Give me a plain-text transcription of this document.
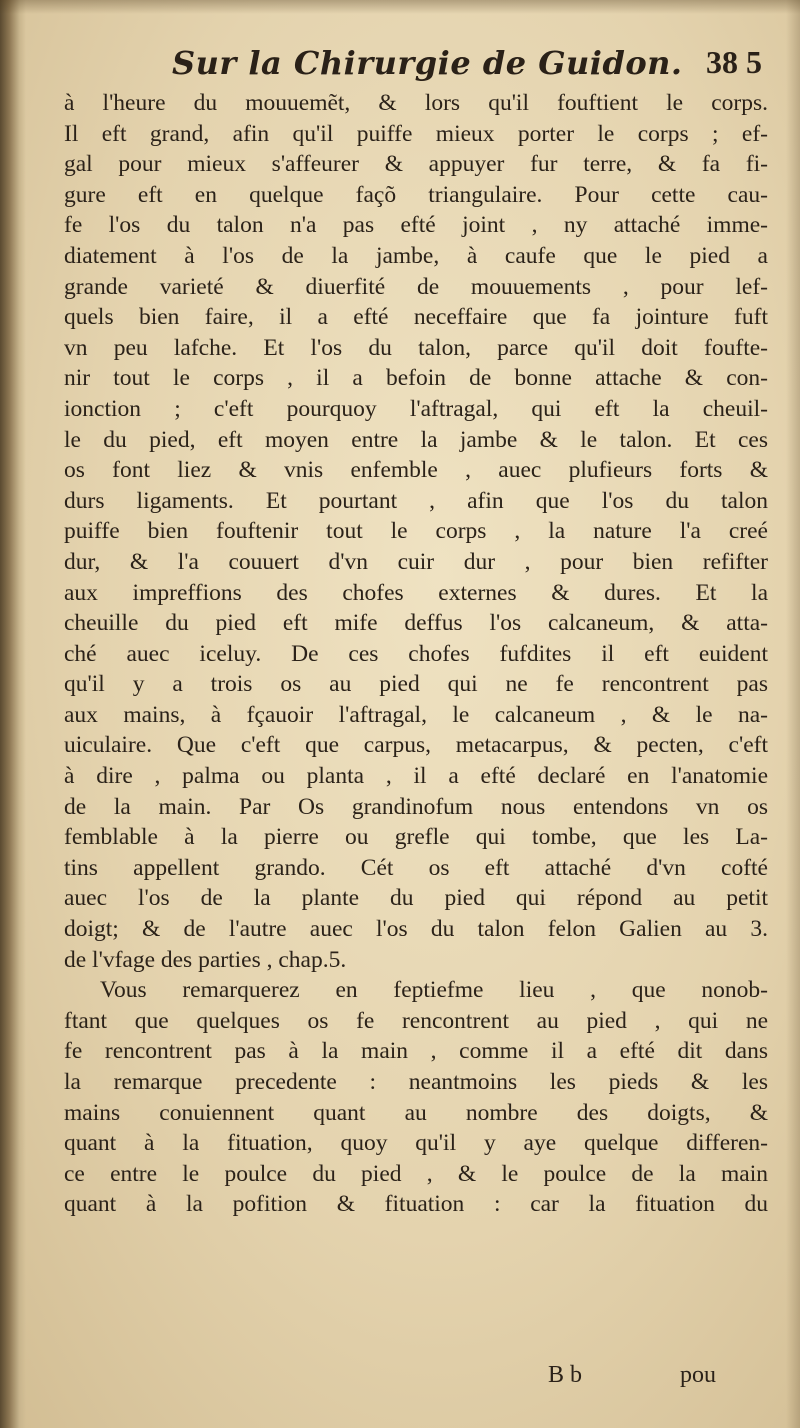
Sur la Chirurgie de Guidon. 38 5
à l'heure du mouuemẽt, & lors qu'il fouftient le corps.
Il eft grand, afin qu'il puiffe mieux porter le corps ; ef-
gal pour mieux s'affeurer & appuyer fur terre, & fa fi-
gure eft en quelque façõ triangulaire. Pour cette cau-
fe l'os du talon n'a pas efté joint , ny attaché imme-
diatement à l'os de la jambe, à caufe que le pied a
grande varieté & diuerfité de mouuements , pour lef-
quels bien faire, il a efté neceffaire que fa jointure fuft
vn peu lafche. Et l'os du talon, parce qu'il doit foufte-
nir tout le corps , il a befoin de bonne attache & con-
ionction ; c'eft pourquoy l'aftragal, qui eft la cheuil-
le du pied, eft moyen entre la jambe & le talon. Et ces
os font liez & vnis enfemble , auec plufieurs forts &
durs ligaments. Et pourtant , afin que l'os du talon
puiffe bien fouftenir tout le corps , la nature l'a creé
dur, & l'a couuert d'vn cuir dur , pour bien refifter
aux impreffions des chofes externes & dures. Et la
cheuille du pied eft mife deffus l'os calcaneum, & atta-
ché auec iceluy. De ces chofes fufdites il eft euident
qu'il y a trois os au pied qui ne fe rencontrent pas
aux mains, à fçauoir l'aftragal, le calcaneum , & le na-
uiculaire. Que c'eft que carpus, metacarpus, & pecten, c'eft
à dire , palma ou planta , il a efté declaré en l'anatomie
de la main. Par Os grandinofum nous entendons vn os
femblable à la pierre ou grefle qui tombe, que les La-
tins appellent grando. Cét os eft attaché d'vn cofté
auec l'os de la plante du pied qui répond au petit
doigt; & de l'autre auec l'os du talon felon Galien au 3.
de l'vfage des parties , chap.5.
Vous remarquerez en feptiefme lieu , que nonob-
ftant que quelques os fe rencontrent au pied , qui ne
fe rencontrent pas à la main , comme il a efté dit dans
la remarque precedente : neantmoins les pieds & les
mains conuiennent quant au nombre des doigts, &
quant à la fituation, quoy qu'il y aye quelque differen-
ce entre le poulce du pied , & le poulce de la main
quant à la pofition & fituation : car la fituation du
B b	pou
